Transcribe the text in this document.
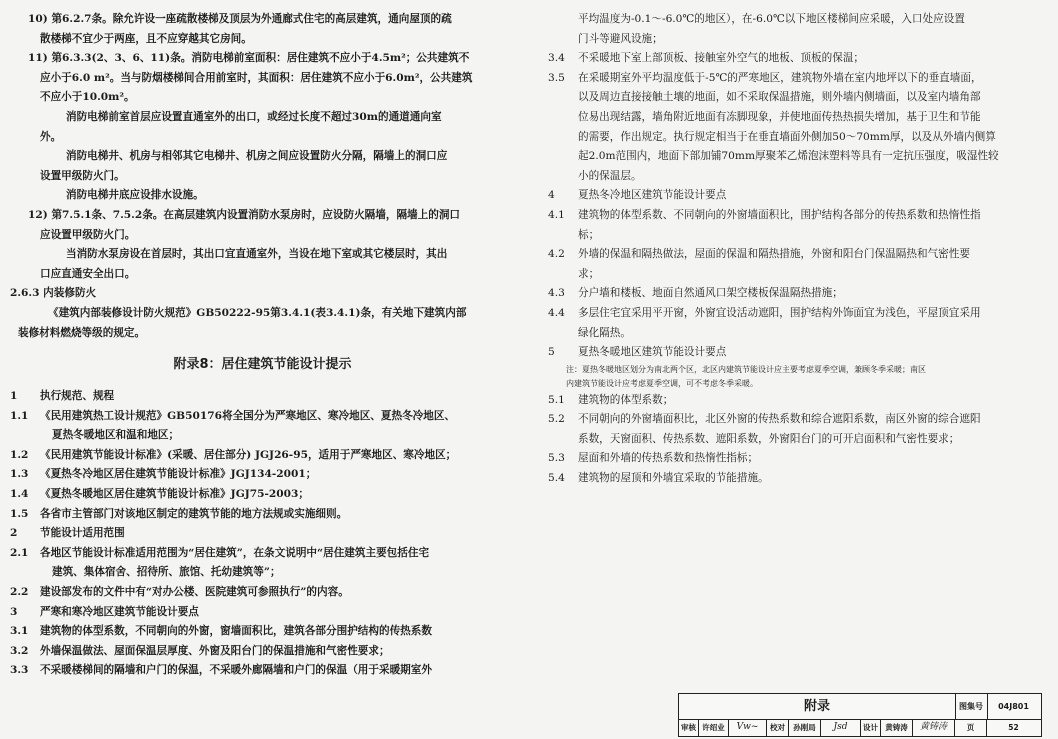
10) 第6.2.7条。除允许设一座疏散楼梯及顶层为外通廊式住宅的高层建筑，通向屋顶的疏
散楼梯不宜少于两座，且不应穿越其它房间。
11) 第6.3.3(2、3、6、11)条。消防电梯前室面积：居住建筑不应小于4.5m²；公共建筑不
应小于6.0 m²。当与防烟楼梯间合用前室时，其面积：居住建筑不应小于6.0m²，公共建筑
不应小于10.0m²。
消防电梯前室首层应设置直通室外的出口，或经过长度不超过30m的通道通向室
外。
消防电梯井、机房与相邻其它电梯井、机房之间应设置防火分隔，隔墙上的洞口应
设置甲级防火门。
消防电梯井底应设排水设施。
12) 第7.5.1条、7.5.2条。在高层建筑内设置消防水泵房时，应设防火隔墙，隔墙上的洞口
应设置甲级防火门。
当消防水泵房设在首层时，其出口宜直通室外，当设在地下室或其它楼层时，其出
口应直通安全出口。
2.6.3 内装修防火
《建筑内部装修设计防火规范》GB50222-95第3.4.1(表3.4.1)条，有关地下建筑内部
装修材料燃烧等级的规定。
附录8：居住建筑节能设计提示
1 执行规范、规程
1.1 《民用建筑热工设计规范》GB50176将全国分为严寒地区、寒冷地区、夏热冬冷地区、
夏热冬暖地区和温和地区；
1.2 《民用建筑节能设计标准》(采暖、居住部分) JGJ26-95，适用于严寒地区、寒冷地区；
1.3 《夏热冬冷地区居住建筑节能设计标准》JGJ134-2001；
1.4 《夏热冬暖地区居住建筑节能设计标准》JGJ75-2003；
1.5 各省市主管部门对该地区制定的建筑节能的地方法规或实施细则。
2 节能设计适用范围
2.1 各地区节能设计标准适用范围为“居住建筑”，在条文说明中“居住建筑主要包括住宅
建筑、集体宿舍、招待所、旅馆、托幼建筑等”；
2.2 建设部发布的文件中有“对办公楼、医院建筑可参照执行”的内容。
3 严寒和寒冷地区建筑节能设计要点
3.1 建筑物的体型系数，不同朝向的外窗，窗墙面积比，建筑各部分围护结构的传热系数
3.2 外墙保温做法、屋面保温层厚度、外窗及阳台门的保温措施和气密性要求；
3.3 不采暖楼梯间的隔墙和户门的保温，不采暖外廊隔墙和户门的保温（用于采暖期室外
平均温度为-0.1～-6.0℃的地区），在-6.0℃以下地区楼梯间应采暖，入口处应设置
门斗等避风设施；
3.4 不采暖地下室上部顶板、接触室外空气的地板、顶板的保温；
3.5 在采暖期室外平均温度低于-5℃的严寒地区，建筑物外墙在室内地坪以下的垂直墙面，
以及周边直接接触土壤的地面，如不采取保温措施，则外墙内侧墙面，以及室内墙角部
位易出现结露，墙角附近地面有冻脚现象，并使地面传热热损失增加，基于卫生和节能
的需要，作出规定。执行规定相当于在垂直墙面外侧加50～70mm厚，以及从外墙内侧算
起2.0m范围内，地面下部加铺70mm厚聚苯乙烯泡沫塑料等具有一定抗压强度，吸湿性较
小的保温层。
4 夏热冬冷地区建筑节能设计要点
4.1 建筑物的体型系数、不同朝向的外窗墙面积比，围护结构各部分的传热系数和热惰性指
标；
4.2 外墙的保温和隔热做法，屋面的保温和隔热措施，外窗和阳台门保温隔热和气密性要
求；
4.3 分户墙和楼板、地面自然通风口架空楼板保温隔热措施；
4.4 多层住宅宜采用平开窗，外窗宜设活动遮阳，围护结构外饰面宜为浅色，平屋顶宜采用
绿化隔热。
5 夏热冬暖地区建筑节能设计要点
注：夏热冬暖地区划分为南北两个区，北区内建筑节能设计应主要考虑夏季空调，兼顾冬季采暖；南区
内建筑节能设计应考虑夏季空调，可不考虑冬季采暖。
5.1 建筑物的体型系数；
5.2 不同朝向的外窗墙面积比，北区外窗的传热系数和综合遮阳系数，南区外窗的综合遮阳
系数，天窗面积、传热系数、遮阳系数，外窗阳台门的可开启面积和气密性要求；
5.3 屋面和外墙的传热系数和热惰性指标；
5.4 建筑物的屋顶和外墙宜采取的节能措施。
附录	图集号	04J801
审核 许绍业	Vw~	校对	孙刚局	Jsd	设计 黄铸涛	黄铸涛	页	52
